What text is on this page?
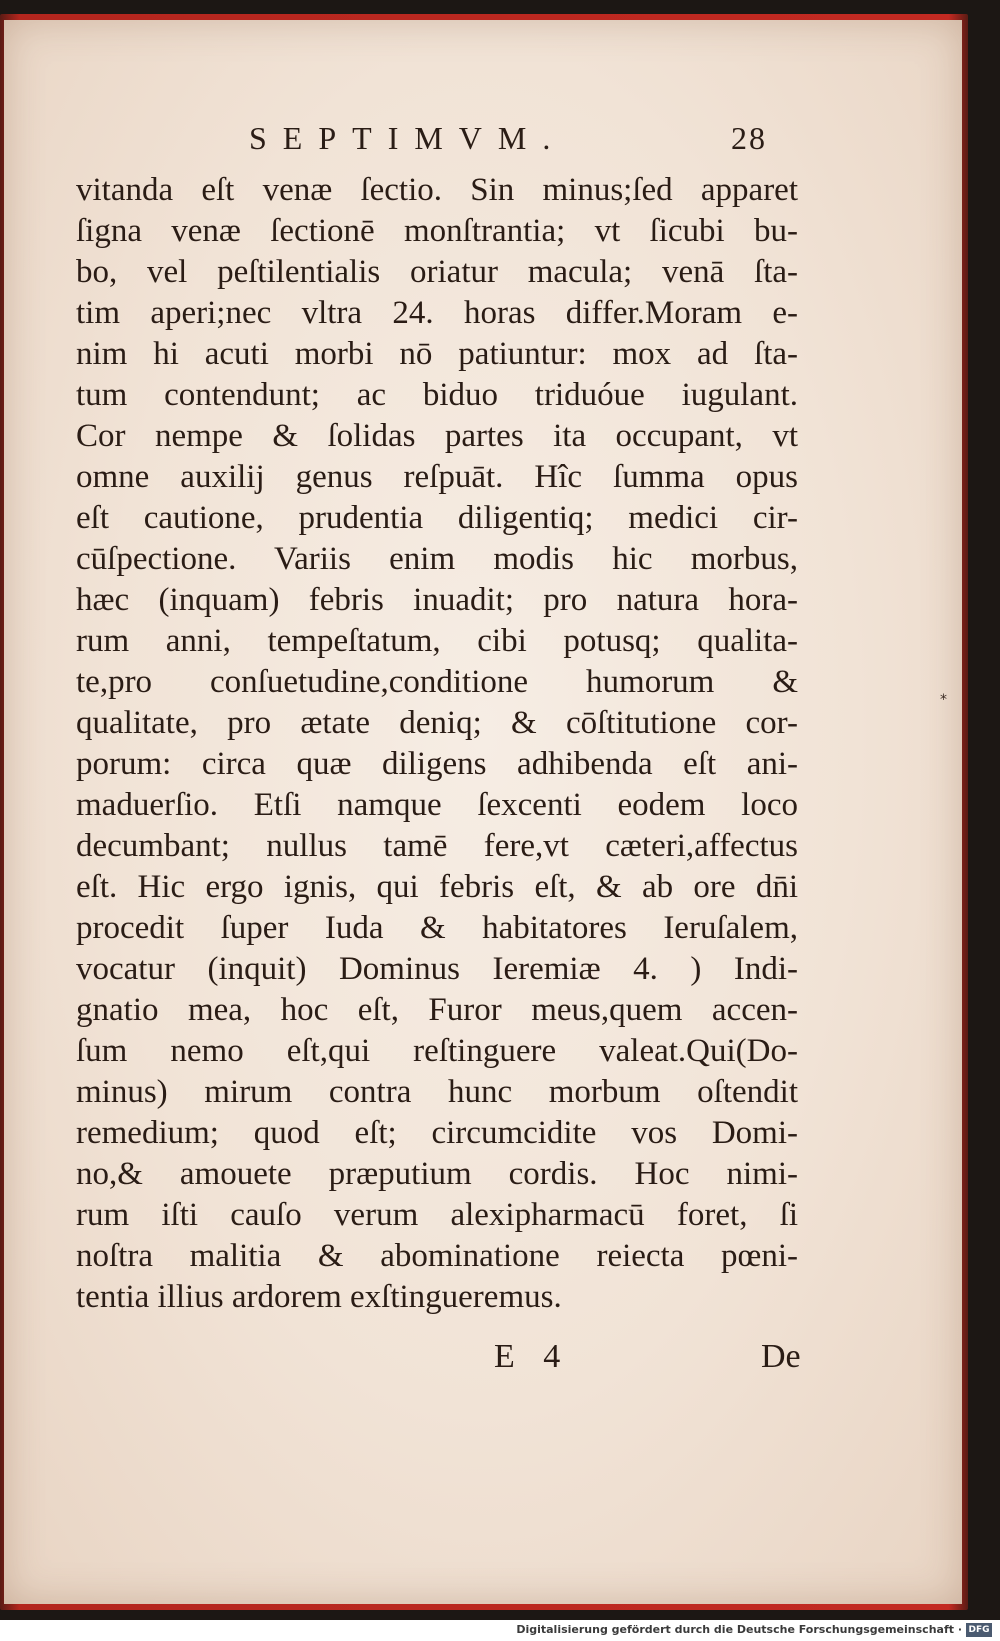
SEPTIMVM.	28
vitanda eſt venæ ſectio. Sin minus;ſed apparet
ſigna venæ ſectionē monſtrantia; vt ſicubi bu-
bo, vel peſtilentialis oriatur macula; venā ſta-
tim aperi;nec vltra 24. horas differ.Moram e-
nim hi acuti morbi nō patiuntur: mox ad ſta-
tum contendunt; ac biduo triduóue iugulant.
Cor nempe & ſolidas partes ita occupant, vt
omne auxilij genus reſpuāt. Hîc ſumma opus
eſt cautione, prudentia diligentiq; medici cir-
cūſpectione. Variis enim modis hic morbus,
hæc (inquam) febris inuadit; pro natura hora-
rum anni, tempeſtatum, cibi potusq; qualita-
te,pro conſuetudine,conditione humorum &
qualitate, pro ætate deniq; & cōſtitutione cor-
porum: circa quæ diligens adhibenda eſt ani-
maduerſio. Etſi namque ſexcenti eodem loco
decumbant; nullus tamē fere,vt cæteri,affectus
eſt. Hic ergo ignis, qui febris eſt, & ab ore dn̄i
procedit ſuper Iuda & habitatores Ieruſalem,
vocatur (inquit) Dominus Ieremiæ 4. ) Indi-
gnatio mea, hoc eſt, Furor meus,quem accen-
ſum nemo eſt,qui reſtinguere valeat.Qui(Do-
minus) mirum contra hunc morbum oſtendit
remedium; quod eſt; circumcidite vos Domi-
no,& amouete præputium cordis. Hoc nimi-
rum iſti cauſo verum alexipharmacū foret, ſi
noſtra malitia & abominatione reiecta pœni-
tentia illius ardorem exſtingueremus.
E 4	De
*
Digitalisierung gefördert durch die Deutsche Forschungsgemeinschaft · DFG
